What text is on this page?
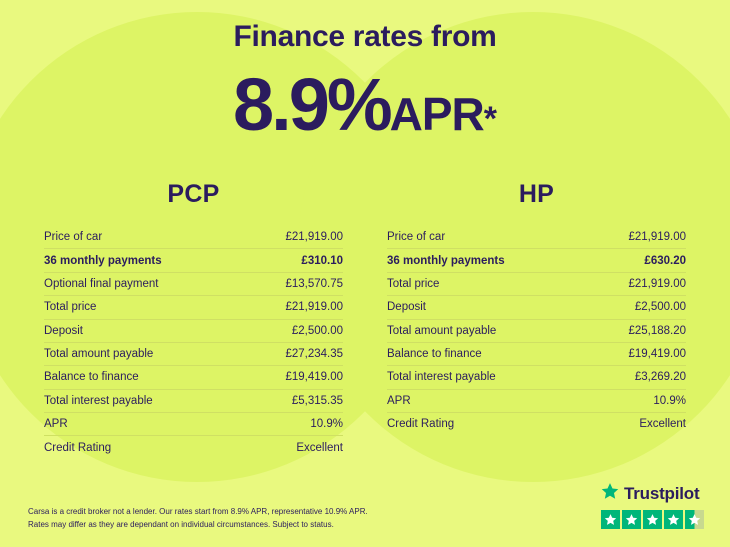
Finance rates from
8.9%APR*
PCP
Price of car	£21,919.00
36 monthly payments	£310.10
Optional final payment	£13,570.75
Total price	£21,919.00
Deposit	£2,500.00
Total amount payable	£27,234.35
Balance to finance	£19,419.00
Total interest payable	£5,315.35
APR	10.9%
Credit Rating	Excellent
HP
Price of car	£21,919.00
36 monthly payments	£630.20
Total price	£21,919.00
Deposit	£2,500.00
Total amount payable	£25,188.20
Balance to finance	£19,419.00
Total interest payable	£3,269.20
APR	10.9%
Credit Rating	Excellent
Carsa is a credit broker not a lender. Our rates start from 8.9% APR, representative 10.9% APR.
Rates may differ as they are dependant on individual circumstances. Subject to status.
Trustpilot
